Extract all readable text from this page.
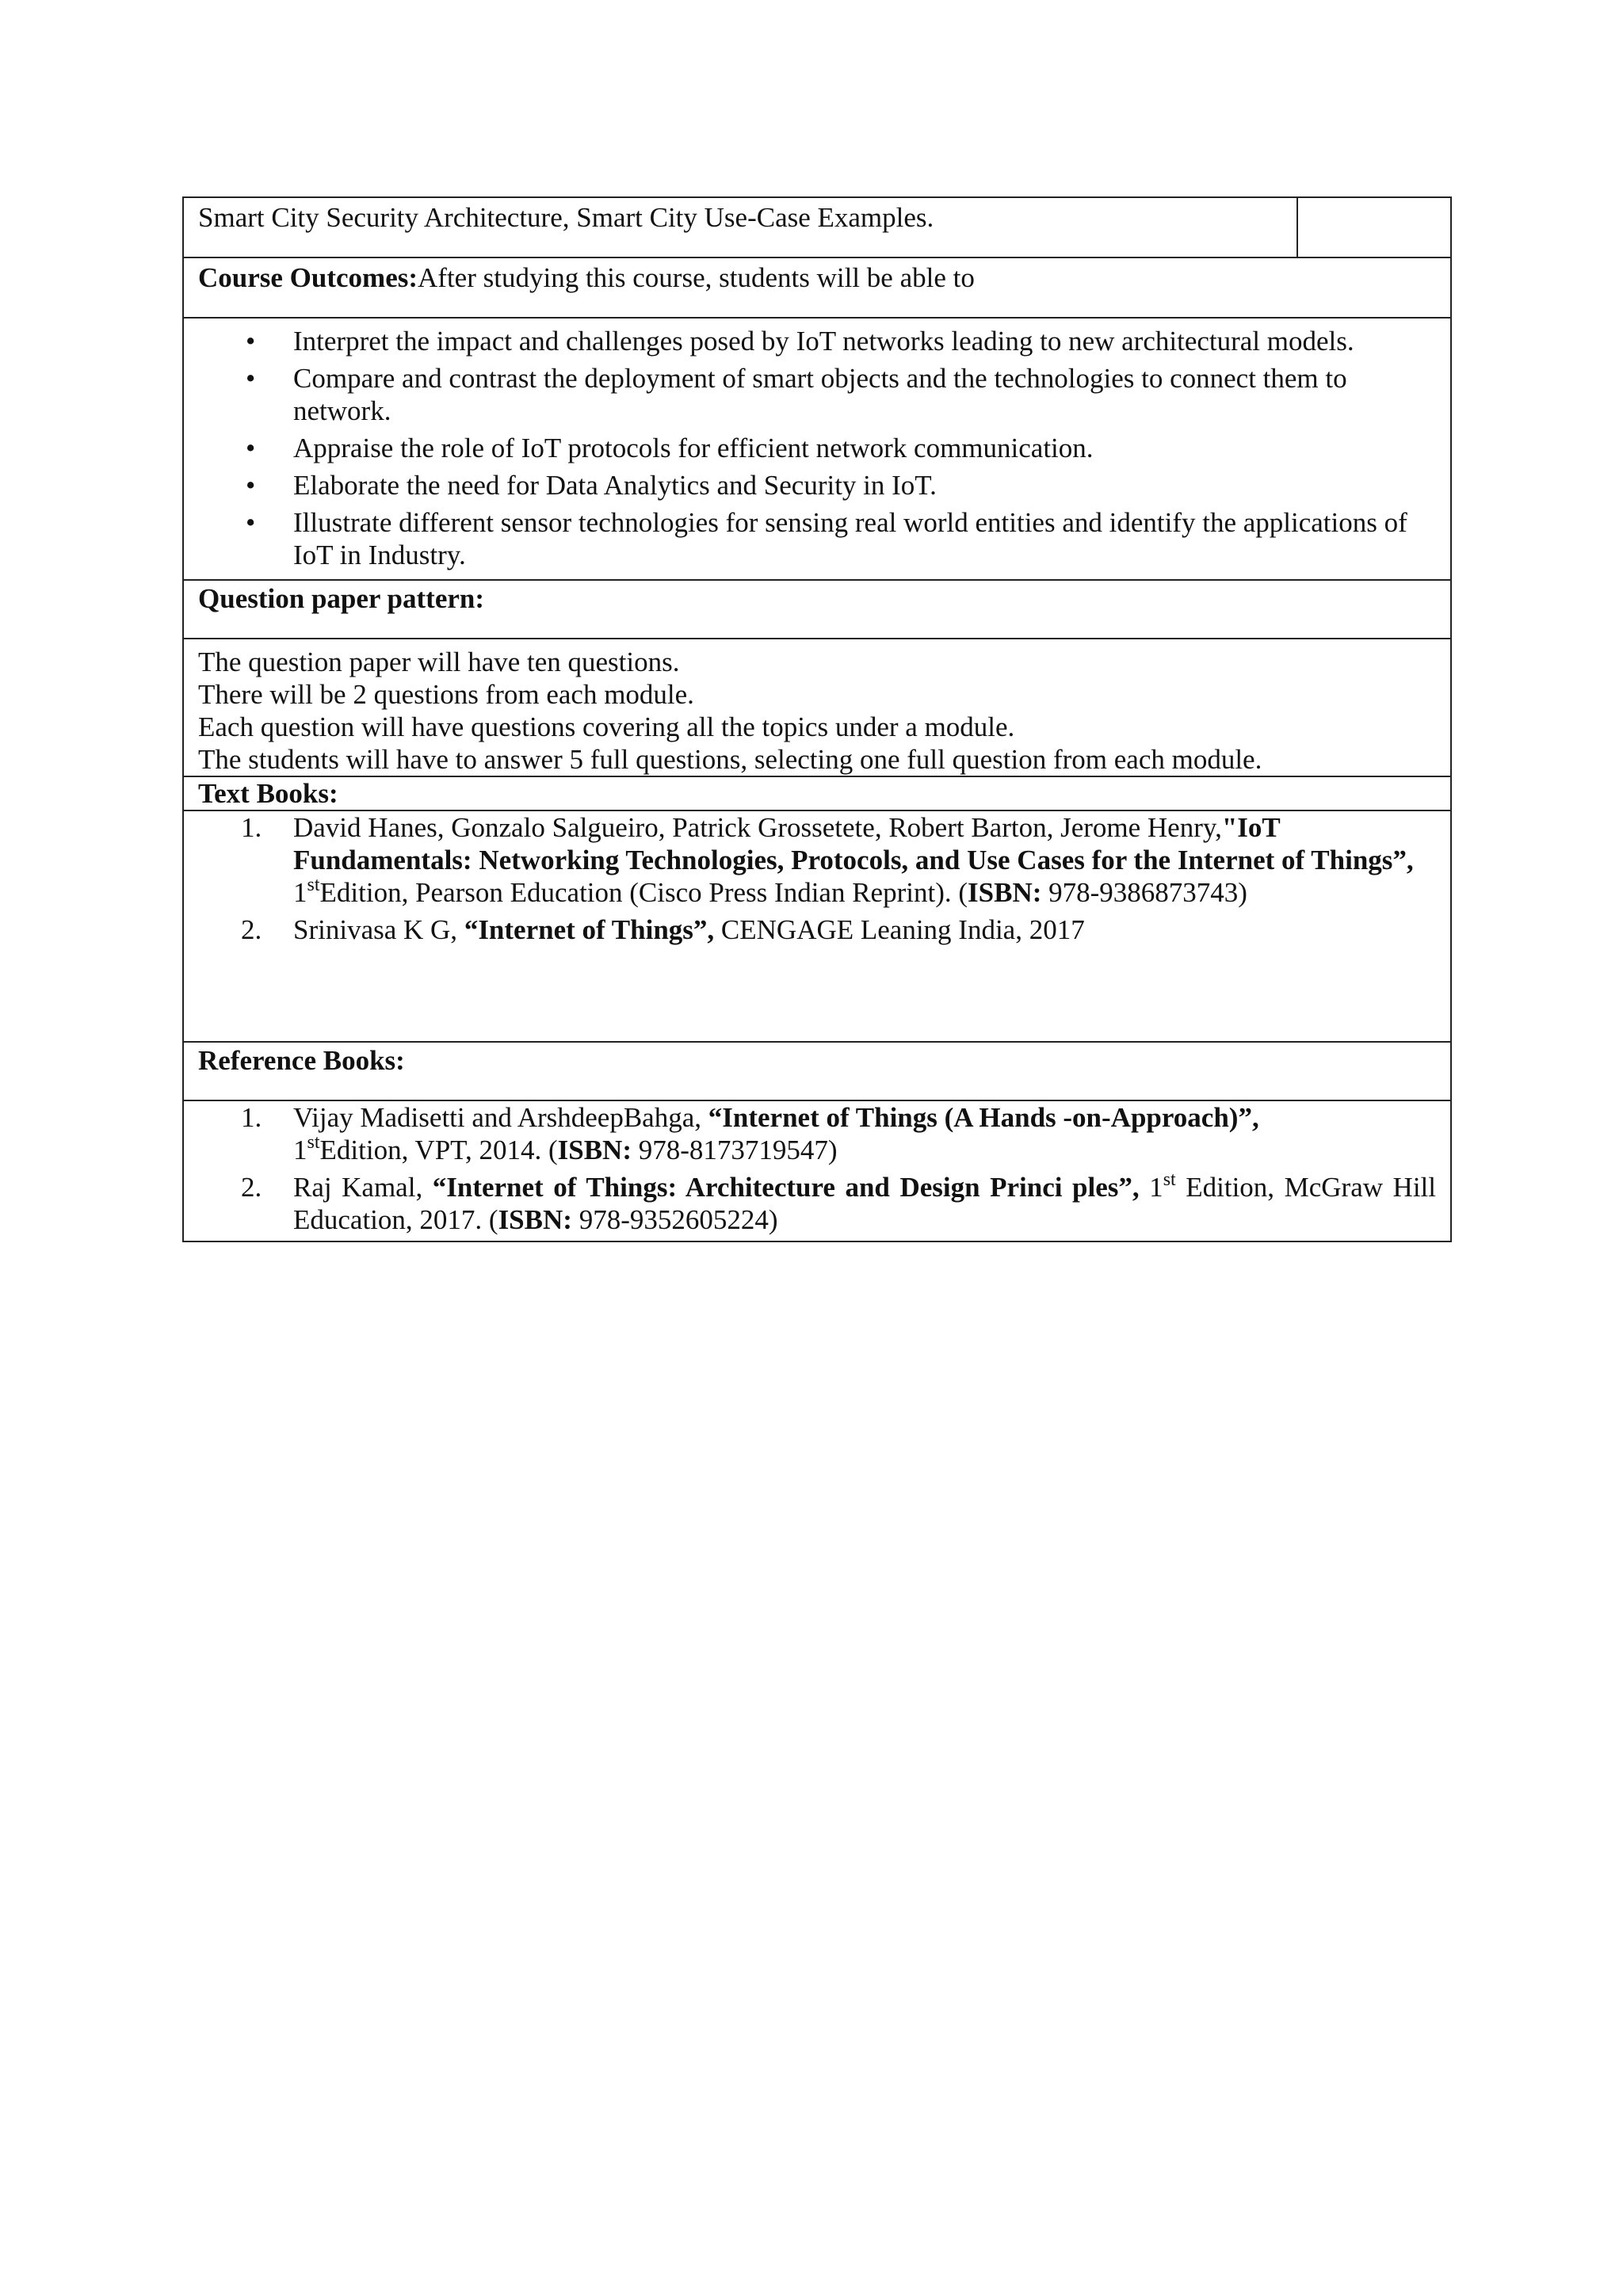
Smart City Security Architecture, Smart City Use-Case Examples.	
Course Outcomes:After studying this course, students will be able to

• Interpret the impact and challenges posed by IoT networks leading to new architectural models.
• Compare and contrast the deployment of smart objects and the technologies to connect them to network.
• Appraise the role of IoT protocols for efficient network communication.
• Elaborate the need for Data Analytics and Security in IoT.
• Illustrate different sensor technologies for sensing real world entities and identify the applications of IoT in Industry.

Question paper pattern:

The question paper will have ten questions.
There will be 2 questions from each module.
Each question will have questions covering all the topics under a module.
The students will have to answer 5 full questions, selecting one full question from each module.

Text Books:

1. David Hanes, Gonzalo Salgueiro, Patrick Grossetete, Robert Barton, Jerome Henry,"IoT Fundamentals: Networking Technologies, Protocols, and Use Cases for the Internet of Things”, 1stEdition, Pearson Education (Cisco Press Indian Reprint). (ISBN: 978-9386873743)
2. Srinivasa K G, “Internet of Things”, CENGAGE Leaning India, 2017

Reference Books:

1. Vijay Madisetti and ArshdeepBahga, “Internet of Things (A Hands -on-Approach)”,
1stEdition, VPT, 2014. (ISBN: 978-8173719547)
2. Raj Kamal, “Internet of Things: Architecture and Design Princi ples”, 1st Edition, McGraw Hill Education, 2017. (ISBN: 978-9352605224)
